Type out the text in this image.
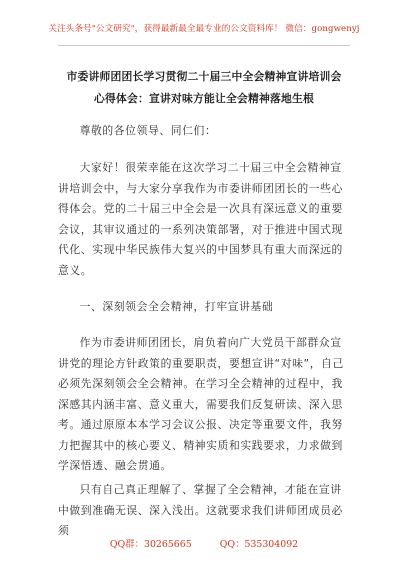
关注头条号"公文研究"，获得最新最全最专业的公文资料库！ 微信：gongwenyj
市委讲师团团长学习贯彻二十届三中全会精神宣讲培训会
心得体会：宣讲对味方能让全会精神落地生根

尊敬的各位领导、同仁们：

大家好！很荣幸能在这次学习二十届三中全会精神宣讲培训会中，与大家分享我作为市委讲师团团长的一些心得体会。党的二十届三中全会是一次具有深远意义的重要会议，其审议通过的一系列决策部署，对于推进中国式现代化、实现中华民族伟大复兴的中国梦具有重大而深远的意义。

一、深刻领会全会精神，打牢宣讲基础

作为市委讲师团团长，肩负着向广大党员干部群众宣讲党的理论方针政策的重要职责，要想宣讲“对味”，自己必须先深刻领会全会精神。在学习全会精神的过程中，我深感其内涵丰富、意义重大，需要我们反复研读、深入思考。通过原原本本学习会议公报、决定等重要文件，我努力把握其中的核心要义、精神实质和实践要求，力求做到学深悟透、融会贯通。

只有自己真正理解了、掌握了全会精神，才能在宣讲中做到准确无误、深入浅出。这就要求我们讲师团成员必须

QQ群：30265665	QQ：535304092
